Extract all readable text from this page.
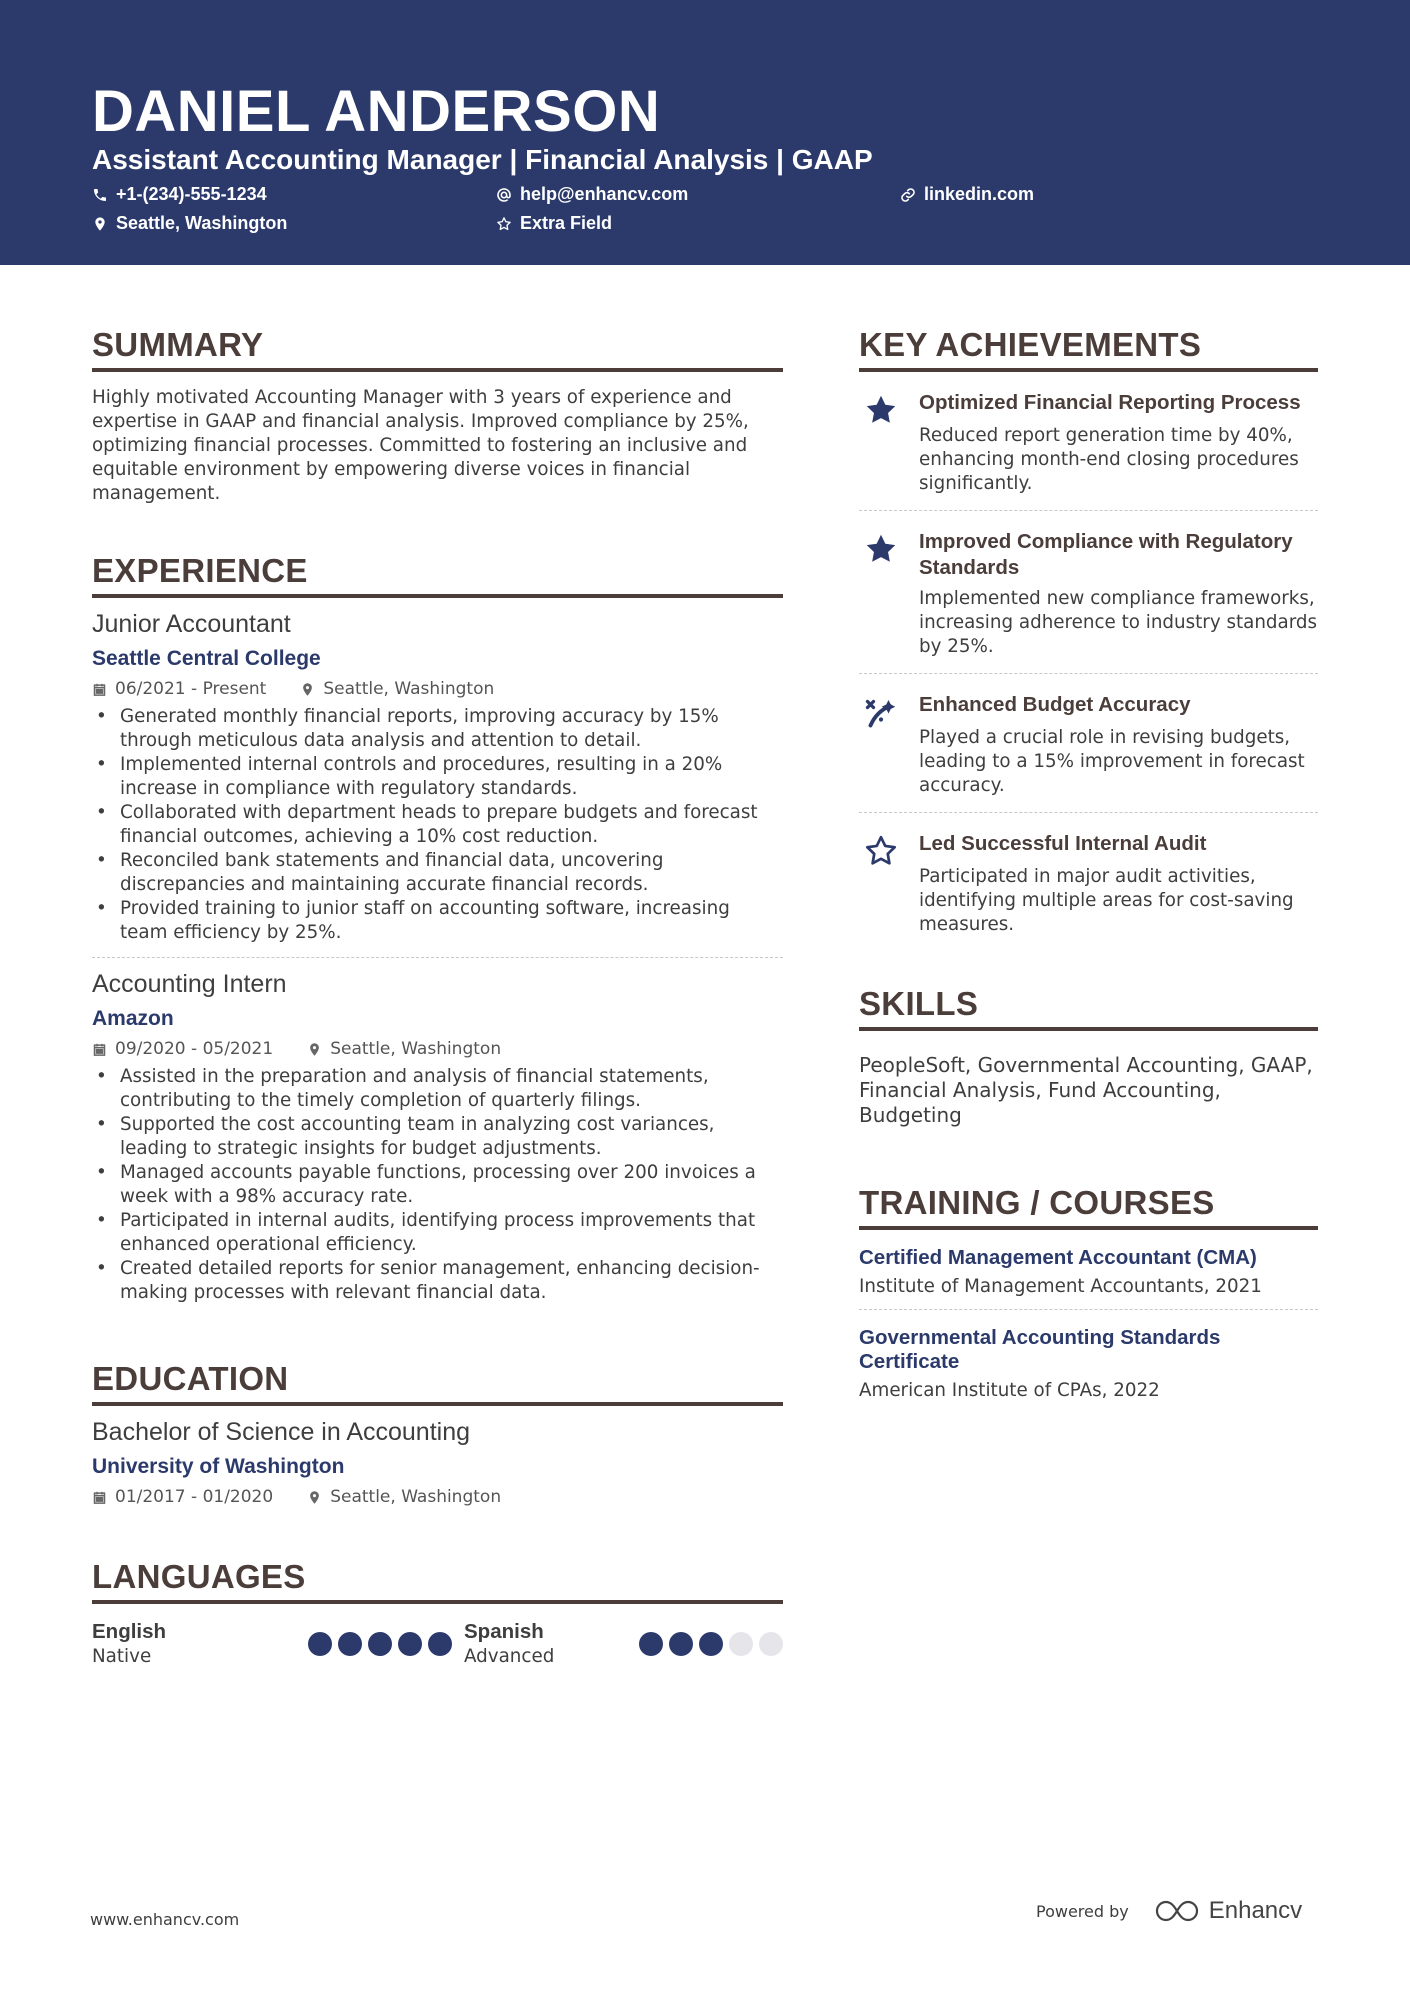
DANIEL ANDERSON
Assistant Accounting Manager | Financial Analysis | GAAP
+1-(234)-555-1234	help@enhancv.com	linkedin.com
Seattle, Washington	Extra Field
SUMMARY
Highly motivated Accounting Manager with 3 years of experience and expertise in GAAP and financial analysis. Improved compliance by 25%, optimizing financial processes. Committed to fostering an inclusive and equitable environment by empowering diverse voices in financial management.
EXPERIENCE
Junior Accountant
Seattle Central College
06/2021 - Present	Seattle, Washington
• Generated monthly financial reports, improving accuracy by 15% through meticulous data analysis and attention to detail.
• Implemented internal controls and procedures, resulting in a 20% increase in compliance with regulatory standards.
• Collaborated with department heads to prepare budgets and forecast financial outcomes, achieving a 10% cost reduction.
• Reconciled bank statements and financial data, uncovering discrepancies and maintaining accurate financial records.
• Provided training to junior staff on accounting software, increasing team efficiency by 25%.
Accounting Intern
Amazon
09/2020 - 05/2021	Seattle, Washington
• Assisted in the preparation and analysis of financial statements, contributing to the timely completion of quarterly filings.
• Supported the cost accounting team in analyzing cost variances, leading to strategic insights for budget adjustments.
• Managed accounts payable functions, processing over 200 invoices a week with a 98% accuracy rate.
• Participated in internal audits, identifying process improvements that enhanced operational efficiency.
• Created detailed reports for senior management, enhancing decision-making processes with relevant financial data.
EDUCATION
Bachelor of Science in Accounting
University of Washington
01/2017 - 01/2020	Seattle, Washington
LANGUAGES
English
Native
Spanish
Advanced
KEY ACHIEVEMENTS
Optimized Financial Reporting Process
Reduced report generation time by 40%, enhancing month-end closing procedures significantly.
Improved Compliance with Regulatory Standards
Implemented new compliance frameworks, increasing adherence to industry standards by 25%.
Enhanced Budget Accuracy
Played a crucial role in revising budgets, leading to a 15% improvement in forecast accuracy.
Led Successful Internal Audit
Participated in major audit activities, identifying multiple areas for cost-saving measures.
SKILLS
PeopleSoft, Governmental Accounting, GAAP, Financial Analysis, Fund Accounting, Budgeting
TRAINING / COURSES
Certified Management Accountant (CMA)
Institute of Management Accountants, 2021
Governmental Accounting Standards Certificate
American Institute of CPAs, 2022
www.enhancv.com	Powered by	Enhancv
